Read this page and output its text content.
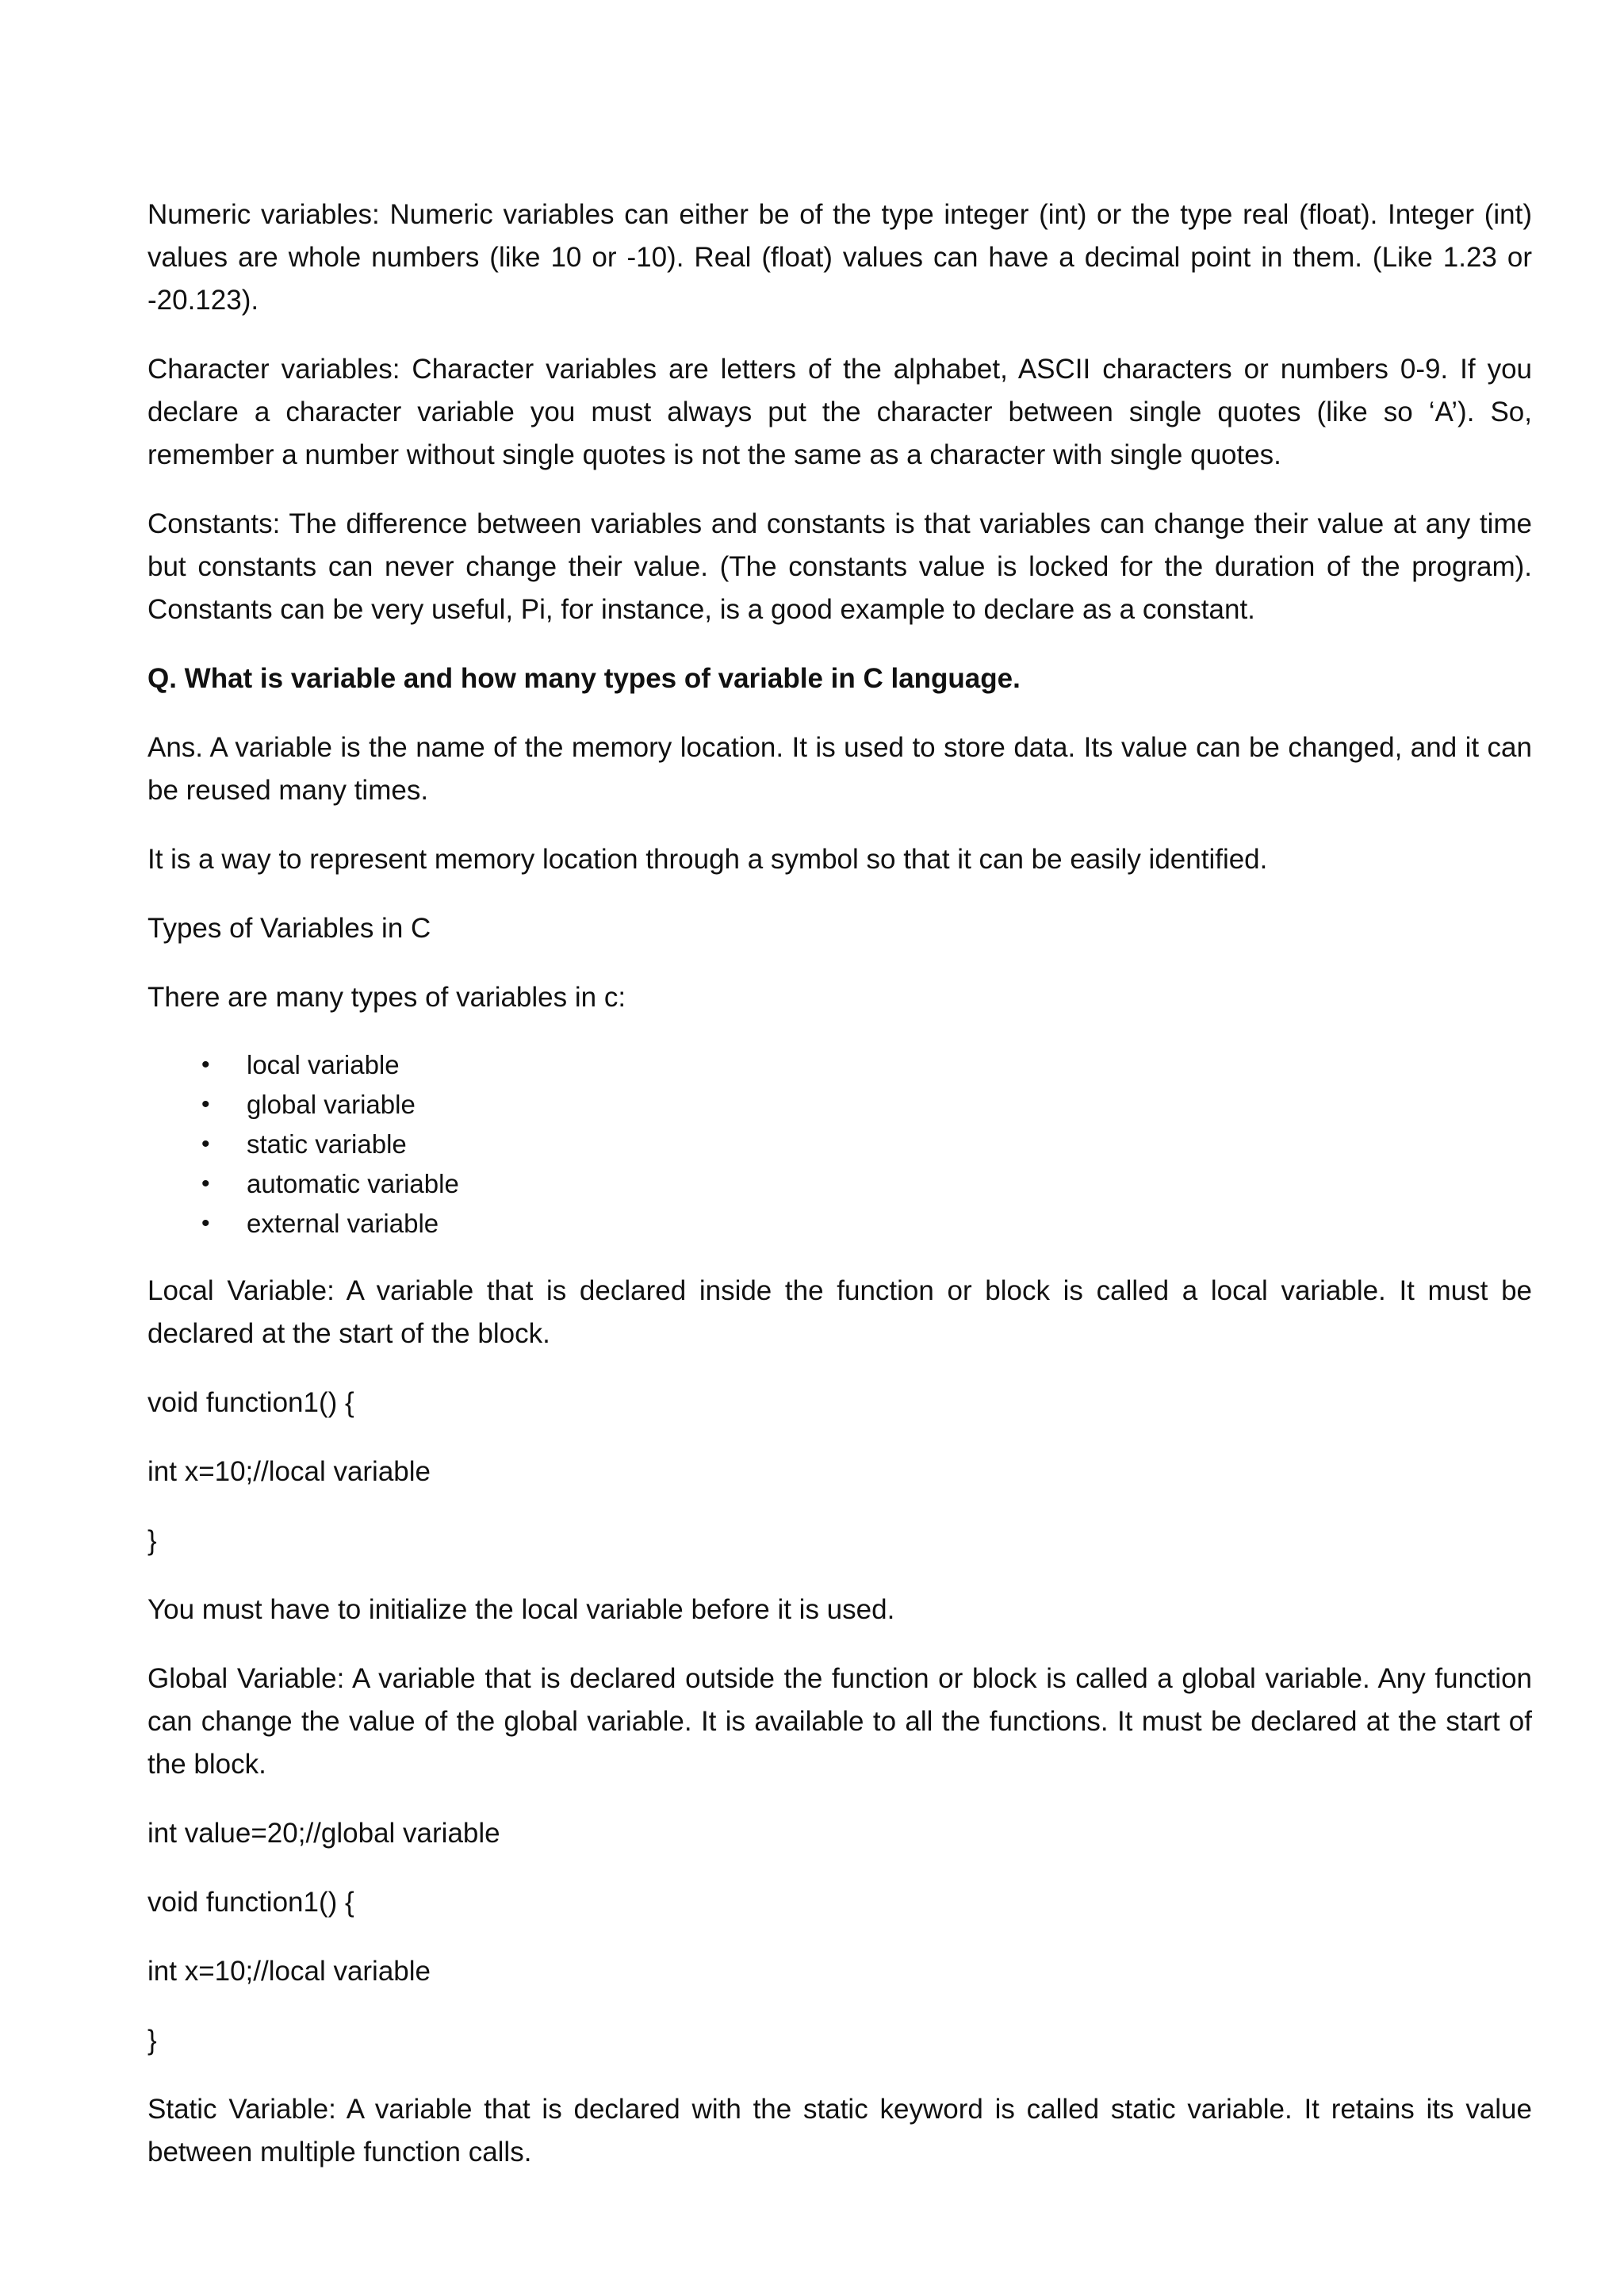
Numeric variables: Numeric variables can either be of the type integer (int) or the type real (float). Integer (int) values are whole numbers (like 10 or -10). Real (float) values can have a decimal point in them. (Like 1.23 or -20.123).

Character variables: Character variables are letters of the alphabet, ASCII characters or numbers 0-9. If you declare a character variable you must always put the character between single quotes (like so ‘A’). So, remember a number without single quotes is not the same as a character with single quotes.

Constants: The difference between variables and constants is that variables can change their value at any time but constants can never change their value. (The constants value is locked for the duration of the program). Constants can be very useful, Pi, for instance, is a good example to declare as a constant.

Q. What is variable and how many types of variable in C language.

Ans. A variable is the name of the memory location. It is used to store data. Its value can be changed, and it can be reused many times.

It is a way to represent memory location through a symbol so that it can be easily identified.

Types of Variables in C

There are many types of variables in c:

• local variable
• global variable
• static variable
• automatic variable
• external variable

Local Variable: A variable that is declared inside the function or block is called a local variable. It must be declared at the start of the block.

void function1() {

int x=10;//local variable

}

You must have to initialize the local variable before it is used.

Global Variable: A variable that is declared outside the function or block is called a global variable. Any function can change the value of the global variable. It is available to all the functions. It must be declared at the start of the block.

int value=20;//global variable

void function1() {

int x=10;//local variable

}

Static Variable: A variable that is declared with the static keyword is called static variable. It retains its value between multiple function calls.
